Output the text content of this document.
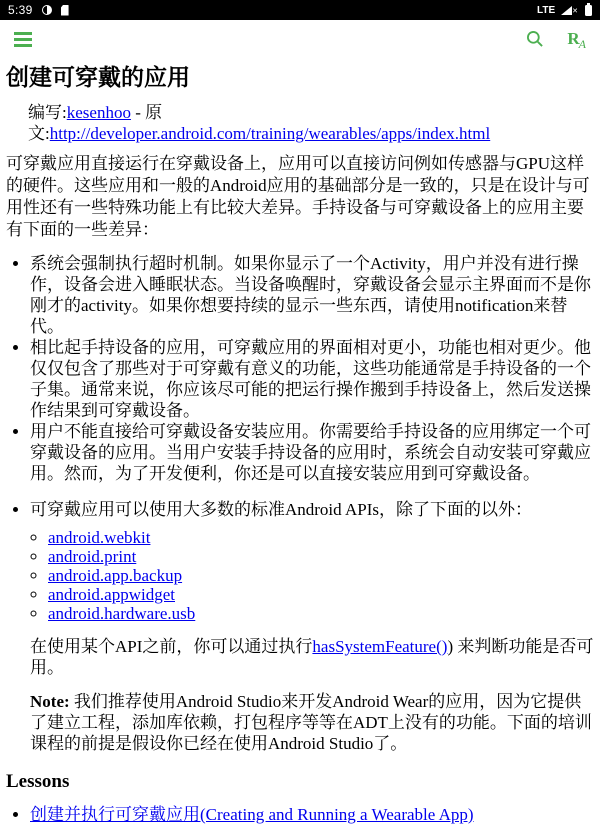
5:39	LTE ✕
RA
创建可穿戴的应用
编写:kesenhoo - 原文:http://developer.android.com/training/wearables/apps/index.html

可穿戴应用直接运行在穿戴设备上，应用可以直接访问例如传感器与GPU这样的硬件。这些应用和一般的Android应用的基础部分是一致的，只是在设计与可用性还有一些特殊功能上有比较大差异。手持设备与可穿戴设备上的应用主要有下面的一些差异：

• 系统会强制执行超时机制。如果你显示了一个Activity，用户并没有进行操作，设备会进入睡眠状态。当设备唤醒时，穿戴设备会显示主界面而不是你刚才的activity。如果你想要持续的显示一些东西，请使用notification来替代。
• 相比起手持设备的应用，可穿戴应用的界面相对更小，功能也相对更少。他仅仅包含了那些对于可穿戴有意义的功能，这些功能通常是手持设备的一个子集。通常来说，你应该尽可能的把运行操作搬到手持设备上，然后发送操作结果到可穿戴设备。
• 用户不能直接给可穿戴设备安装应用。你需要给手持设备的应用绑定一个可穿戴设备的应用。当用户安装手持设备的应用时，系统会自动安装可穿戴应用。然而，为了开发便利，你还是可以直接安装应用到可穿戴设备。
• 可穿戴应用可以使用大多数的标准Android APIs，除了下面的以外：
◦ android.webkit
◦ android.print
◦ android.app.backup
◦ android.appwidget
◦ android.hardware.usb

在使用某个API之前，你可以通过执行hasSystemFeature()) 来判断功能是否可用。

Note: 我们推荐使用Android Studio来开发Android Wear的应用，因为它提供了建立工程，添加库依赖，打包程序等等在ADT上没有的功能。下面的培训课程的前提是假设你已经在使用Android Studio了。

Lessons
• 创建并执行可穿戴应用(Creating and Running a Wearable App)
